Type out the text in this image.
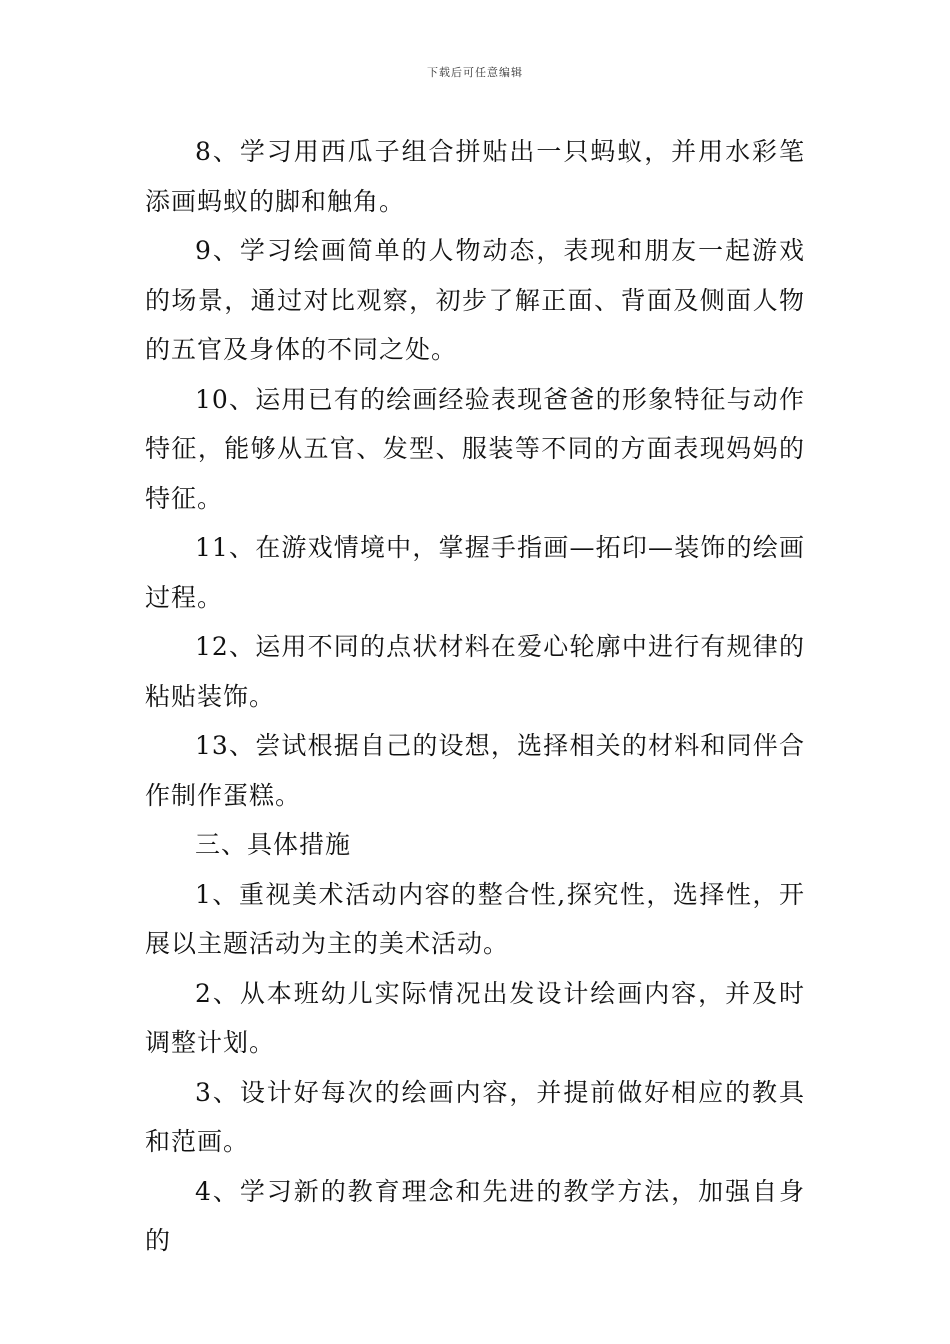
下载后可任意编辑

8、学习用西瓜子组合拼贴出一只蚂蚁，并用水彩笔添画蚂蚁的脚和触角。

9、学习绘画简单的人物动态，表现和朋友一起游戏的场景，通过对比观察，初步了解正面、背面及侧面人物的五官及身体的不同之处。

10、运用已有的绘画经验表现爸爸的形象特征与动作特征，能够从五官、发型、服装等不同的方面表现妈妈的特征。

11、在游戏情境中，掌握手指画—拓印—装饰的绘画过程。

12、运用不同的点状材料在爱心轮廓中进行有规律的粘贴装饰。

13、尝试根据自己的设想，选择相关的材料和同伴合作制作蛋糕。

三、具体措施

1、重视美术活动内容的整合性,探究性，选择性，开展以主题活动为主的美术活动。

2、从本班幼儿实际情况出发设计绘画内容，并及时调整计划。

3、设计好每次的绘画内容，并提前做好相应的教具和范画。

4、学习新的教育理念和先进的教学方法，加强自身的
